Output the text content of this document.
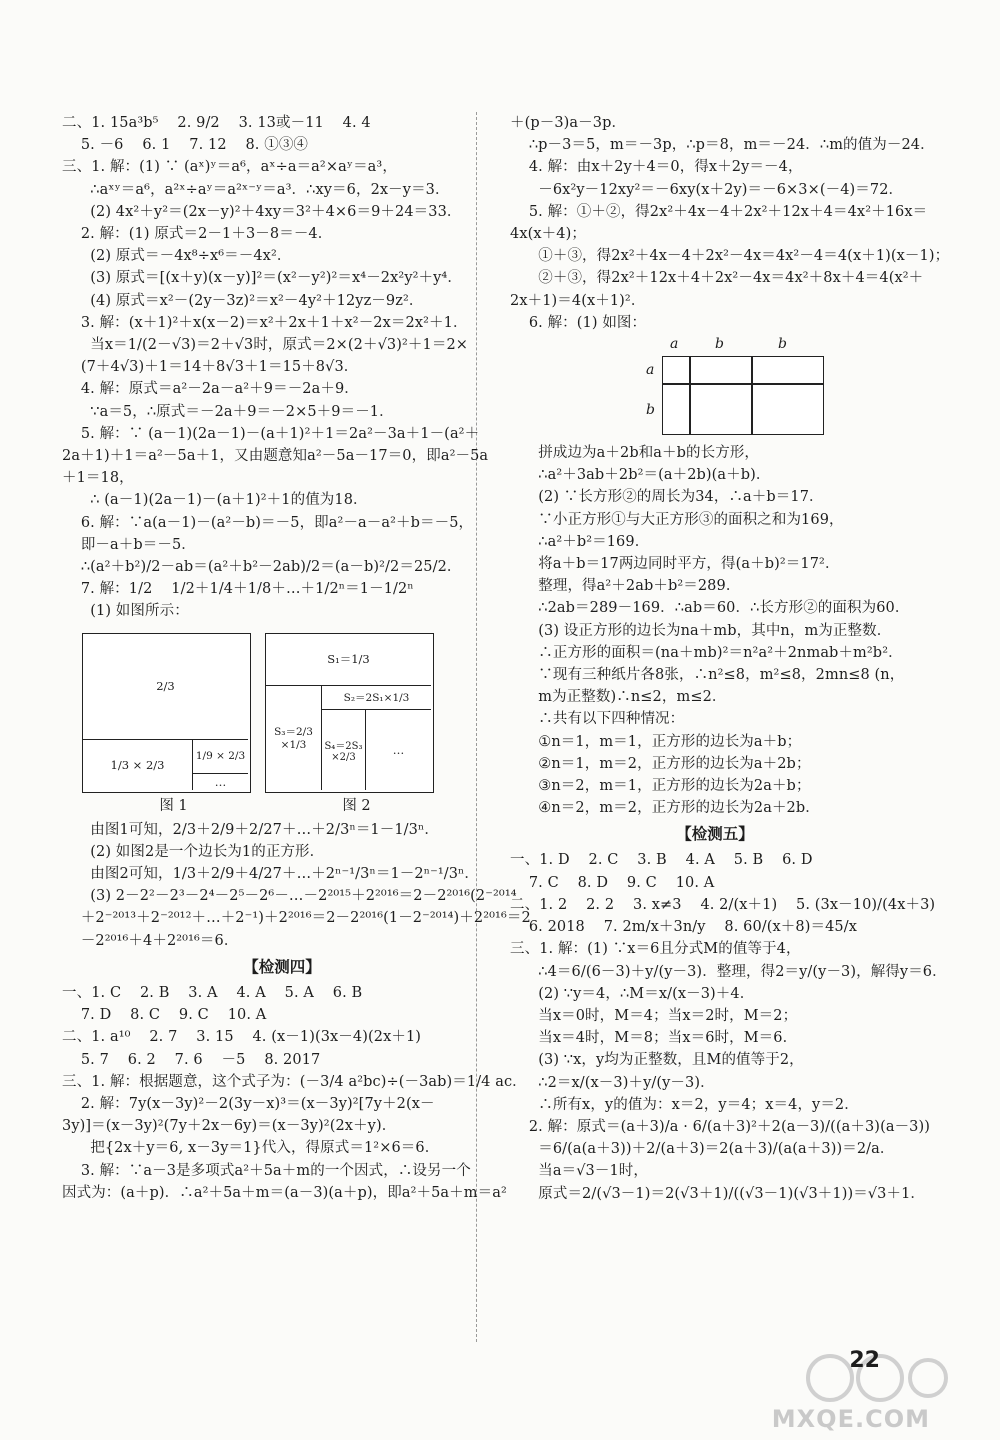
二、1. 15a³b⁵    2. 9/2    3. 13或－11    4. 4
5. －6    6. 1    7. 12    8. ①③④
三、1. 解：(1) ∵ (aˣ)ʸ＝a⁶，aˣ÷a＝a²×aʸ＝a³，
∴aˣʸ＝a⁶，a²ˣ÷aʸ＝a²ˣ⁻ʸ＝a³．∴xy＝6，2x－y＝3．
(2) 4x²＋y²＝(2x－y)²＋4xy＝3²＋4×6＝9＋24＝33．
2. 解：(1) 原式＝2－1＋3－8＝－4．
(2) 原式＝－4x⁸÷x⁶＝－4x²．
(3) 原式＝[(x＋y)(x－y)]²＝(x²－y²)²＝x⁴－2x²y²＋y⁴．
(4) 原式＝x²－(2y－3z)²＝x²－4y²＋12yz－9z²．
3. 解：(x＋1)²＋x(x－2)＝x²＋2x＋1＋x²－2x＝2x²＋1．
当x＝1/(2－√3)＝2＋√3时，原式＝2×(2＋√3)²＋1＝2×
(7＋4√3)＋1＝14＋8√3＋1＝15＋8√3．
4. 解：原式＝a²－2a－a²＋9＝－2a＋9．
∵a＝5，∴原式＝－2a＋9＝－2×5＋9＝－1．
5. 解：∵ (a－1)(2a－1)－(a＋1)²＋1＝2a²－3a＋1－(a²＋
2a＋1)＋1＝a²－5a＋1，又由题意知a²－5a－17＝0，即a²－5a
＋1＝18，
∴ (a－1)(2a－1)－(a＋1)²＋1的值为18．
6. 解：∵a(a－1)－(a²－b)＝－5，即a²－a－a²＋b＝－5，
即－a＋b＝－5．
∴(a²＋b²)/2－ab＝(a²＋b²－2ab)/2＝(a－b)²/2＝25/2．
7. 解：1/2    1/2＋1/4＋1/8＋…＋1/2ⁿ＝1－1/2ⁿ
(1) 如图所示：
2/3
1/3 × 2/3
1/9 × 2/3
…
S₁＝1/3
S₂＝2S₁×1/3
S₃＝2/3 ×1/3	S₄＝2S₃ ×2/3
…
图 1	图 2
由图1可知，2/3＋2/9＋2/27＋…＋2/3ⁿ＝1－1/3ⁿ．
(2) 如图2是一个边长为1的正方形．
由图2可知，1/3＋2/9＋4/27＋…＋2ⁿ⁻¹/3ⁿ＝1－2ⁿ⁻¹/3ⁿ．
(3) 2－2²－2³－2⁴－2⁵－2⁶－…－2²⁰¹⁵＋2²⁰¹⁶＝2－2²⁰¹⁶(2⁻²⁰¹⁴
＋2⁻²⁰¹³＋2⁻²⁰¹²＋…＋2⁻¹)＋2²⁰¹⁶＝2－2²⁰¹⁶(1－2⁻²⁰¹⁴)＋2²⁰¹⁶＝2
－2²⁰¹⁶＋4＋2²⁰¹⁶＝6．
【检测四】
一、1. C    2. B    3. A    4. A    5. A    6. B
7. D    8. C    9. C    10. A
二、1. a¹⁰    2. 7    3. 15    4. (x－1)(3x－4)(2x＋1)
5. 7    6. 2    7. 6    －5    8. 2017
三、1. 解：根据题意，这个式子为：(－3/4 a²bc)÷(－3ab)＝1/4 ac．
2. 解：7y(x－3y)²－2(3y－x)³＝(x－3y)²[7y＋2(x－
3y)]＝(x－3y)²(7y＋2x－6y)＝(x－3y)²(2x＋y)．
把{2x＋y＝6, x－3y＝1}代入，得原式＝1²×6＝6．
3. 解：∵a－3是多项式a²＋5a＋m的一个因式，∴设另一个
因式为：(a＋p)．∴a²＋5a＋m＝(a－3)(a＋p)，即a²＋5a＋m＝a²
＋(p－3)a－3p．
∴p－3＝5，m＝－3p，∴p＝8，m＝－24．∴m的值为－24．
4. 解：由x＋2y＋4＝0，得x＋2y＝－4，
－6x²y－12xy²＝－6xy(x＋2y)＝－6×3×(－4)＝72．
5. 解：①＋②，得2x²＋4x－4＋2x²＋12x＋4＝4x²＋16x＝
4x(x＋4)；
①＋③，得2x²＋4x－4＋2x²－4x＝4x²－4＝4(x＋1)(x－1)；
②＋③，得2x²＋12x＋4＋2x²－4x＝4x²＋8x＋4＝4(x²＋
2x＋1)＝4(x＋1)²．
6. 解：(1) 如图：
a	b	b
a
b
拼成边为a＋2b和a＋b的长方形，
∴a²＋3ab＋2b²＝(a＋2b)(a＋b)．
(2) ∵长方形②的周长为34，∴a＋b＝17．
∵小正方形①与大正方形③的面积之和为169，
∴a²＋b²＝169．
将a＋b＝17两边同时平方，得(a＋b)²＝17²．
整理，得a²＋2ab＋b²＝289．
∴2ab＝289－169．∴ab＝60．∴长方形②的面积为60．
(3) 设正方形的边长为na＋mb，其中n，m为正整数．
∴正方形的面积＝(na＋mb)²＝n²a²＋2nmab＋m²b²．
∵现有三种纸片各8张，∴n²≤8，m²≤8，2mn≤8 (n，
m为正整数)∴n≤2，m≤2．
∴共有以下四种情况：
①n＝1，m＝1，正方形的边长为a＋b；
②n＝1，m＝2，正方形的边长为a＋2b；
③n＝2，m＝1，正方形的边长为2a＋b；
④n＝2，m＝2，正方形的边长为2a＋2b．
【检测五】
一、1. D    2. C    3. B    4. A    5. B    6. D
7. C    8. D    9. C    10. A
二、1. 2    2. 2    3. x≠3    4. 2/(x＋1)    5. (3x－10)/(4x＋3)
6. 2018    7. 2m/x＋3n/y    8. 60/(x＋8)＝45/x
三、1. 解：(1) ∵x＝6且分式M的值等于4，
∴4＝6/(6－3)＋y/(y－3)．整理，得2＝y/(y－3)，解得y＝6．
(2) ∵y＝4，∴M＝x/(x－3)＋4．
当x＝0时，M＝4；当x＝2时，M＝2；
当x＝4时，M＝8；当x＝6时，M＝6．
(3) ∵x，y均为正整数，且M的值等于2，
∴2＝x/(x－3)＋y/(y－3)．
∴所有x，y的值为：x＝2，y＝4；x＝4，y＝2．
2. 解：原式＝(a＋3)/a · 6/(a＋3)²＋2(a－3)/((a＋3)(a－3))
＝6/(a(a＋3))＋2/(a＋3)＝2(a＋3)/(a(a＋3))＝2/a．
当a＝√3－1时，
原式＝2/(√3－1)＝2(√3＋1)/((√3－1)(√3＋1))＝√3＋1．
22
MXQE.COM
